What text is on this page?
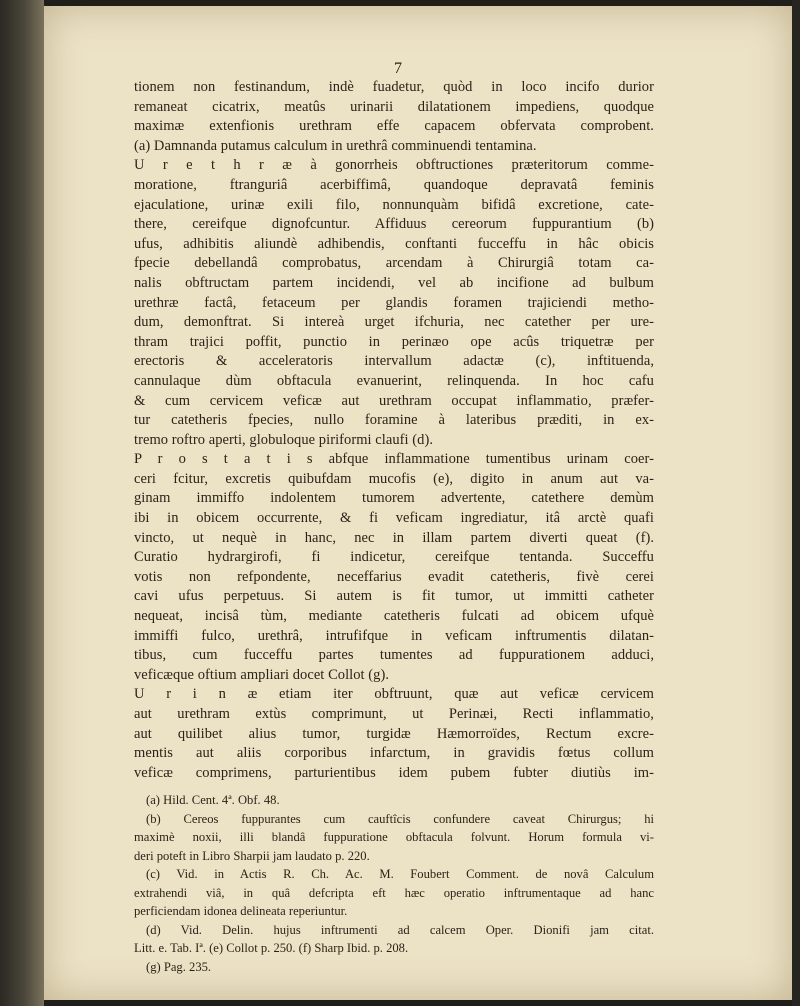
7
tionem non festinandum, indè fuadetur, quòd in loco incifo durior
remaneat cicatrix, meatûs urinarii dilatationem impediens, quodque
maximæ extenfionis urethram effe capacem obfervata comprobent.
(a) Damnanda putamus calculum in urethrâ comminuendi tentamina.
U r e t h r æ à gonorrheis obftructiones præteritorum comme-
moratione, ftranguriâ acerbiffimâ, quandoque depravatâ feminis
ejaculatione, urinæ exili filo, nonnunquàm bifidâ excretione, cate-
there, cereifque dignofcuntur. Affiduus cereorum fuppurantium (b)
ufus, adhibitis aliundè adhibendis, conftanti fucceffu in hâc obicis
fpecie debellandâ comprobatus, arcendam à Chirurgiâ totam ca-
nalis obftructam partem incidendi, vel ab incifione ad bulbum
urethræ factâ, fetaceum per glandis foramen trajiciendi metho-
dum, demonftrat. Si intereà urget ifchuria, nec catether per ure-
thram trajici poffit, punctio in perinæo ope acûs triquetræ per
erectoris & acceleratoris intervallum adactæ (c), inftituenda,
cannulaque dùm obftacula evanuerint, relinquenda. In hoc cafu
& cum cervicem veficæ aut urethram occupat inflammatio, præfer-
tur catetheris fpecies, nullo foramine à lateribus præditi, in ex-
tremo roftro aperti, globuloque piriformi claufi (d).
P r o s t a t i s abfque inflammatione tumentibus urinam coer-
ceri fcitur, excretis quibufdam mucofis (e), digito in anum aut va-
ginam immiffo indolentem tumorem advertente, catethere demùm
ibi in obicem occurrente, & fi veficam ingrediatur, itâ arctè quafi
vincto, ut nequè in hanc, nec in illam partem diverti queat (f).
Curatio hydrargirofi, fi indicetur, cereifque tentanda. Succeffu
votis non refpondente, neceffarius evadit catetheris, fivè cerei
cavi ufus perpetuus. Si autem is fit tumor, ut immitti catheter
nequeat, incisâ tùm, mediante catetheris fulcati ad obicem ufquè
immiffi fulco, urethrâ, intrufifque in veficam inftrumentis dilatan-
tibus, cum fucceffu partes tumentes ad fuppurationem adduci,
veficæque oftium ampliari docet Collot (g).
U r i n æ etiam iter obftruunt, quæ aut veficæ cervicem
aut urethram extùs comprimunt, ut Perinæi, Recti inflammatio,
aut quilibet alius tumor, turgidæ Hæmorroïdes, Rectum excre-
mentis aut aliis corporibus infarctum, in gravidis fœtus collum
veficæ comprimens, parturientibus idem pubem fubter diutiùs im-
(a) Hild. Cent. 4ª. Obf. 48.
(b) Cereos fuppurantes cum cauftîcis confundere caveat Chirurgus; hi
maximè noxii, illi blandâ fuppuratione obftacula folvunt. Horum formula vi-
deri poteft in Libro Sharpii jam laudato p. 220.
(c) Vid. in Actis R. Ch. Ac. M. Foubert Comment. de novâ Calculum
extrahendi viâ, in quâ defcripta eft hæc operatio inftrumentaque ad hanc
perficiendam idonea delineata reperiuntur.
(d) Vid. Delin. hujus inftrumenti ad calcem Oper. Dionifi jam citat.
Litt. e. Tab. Iª. (e) Collot p. 250. (f) Sharp Ibid. p. 208.
(g) Pag. 235.
